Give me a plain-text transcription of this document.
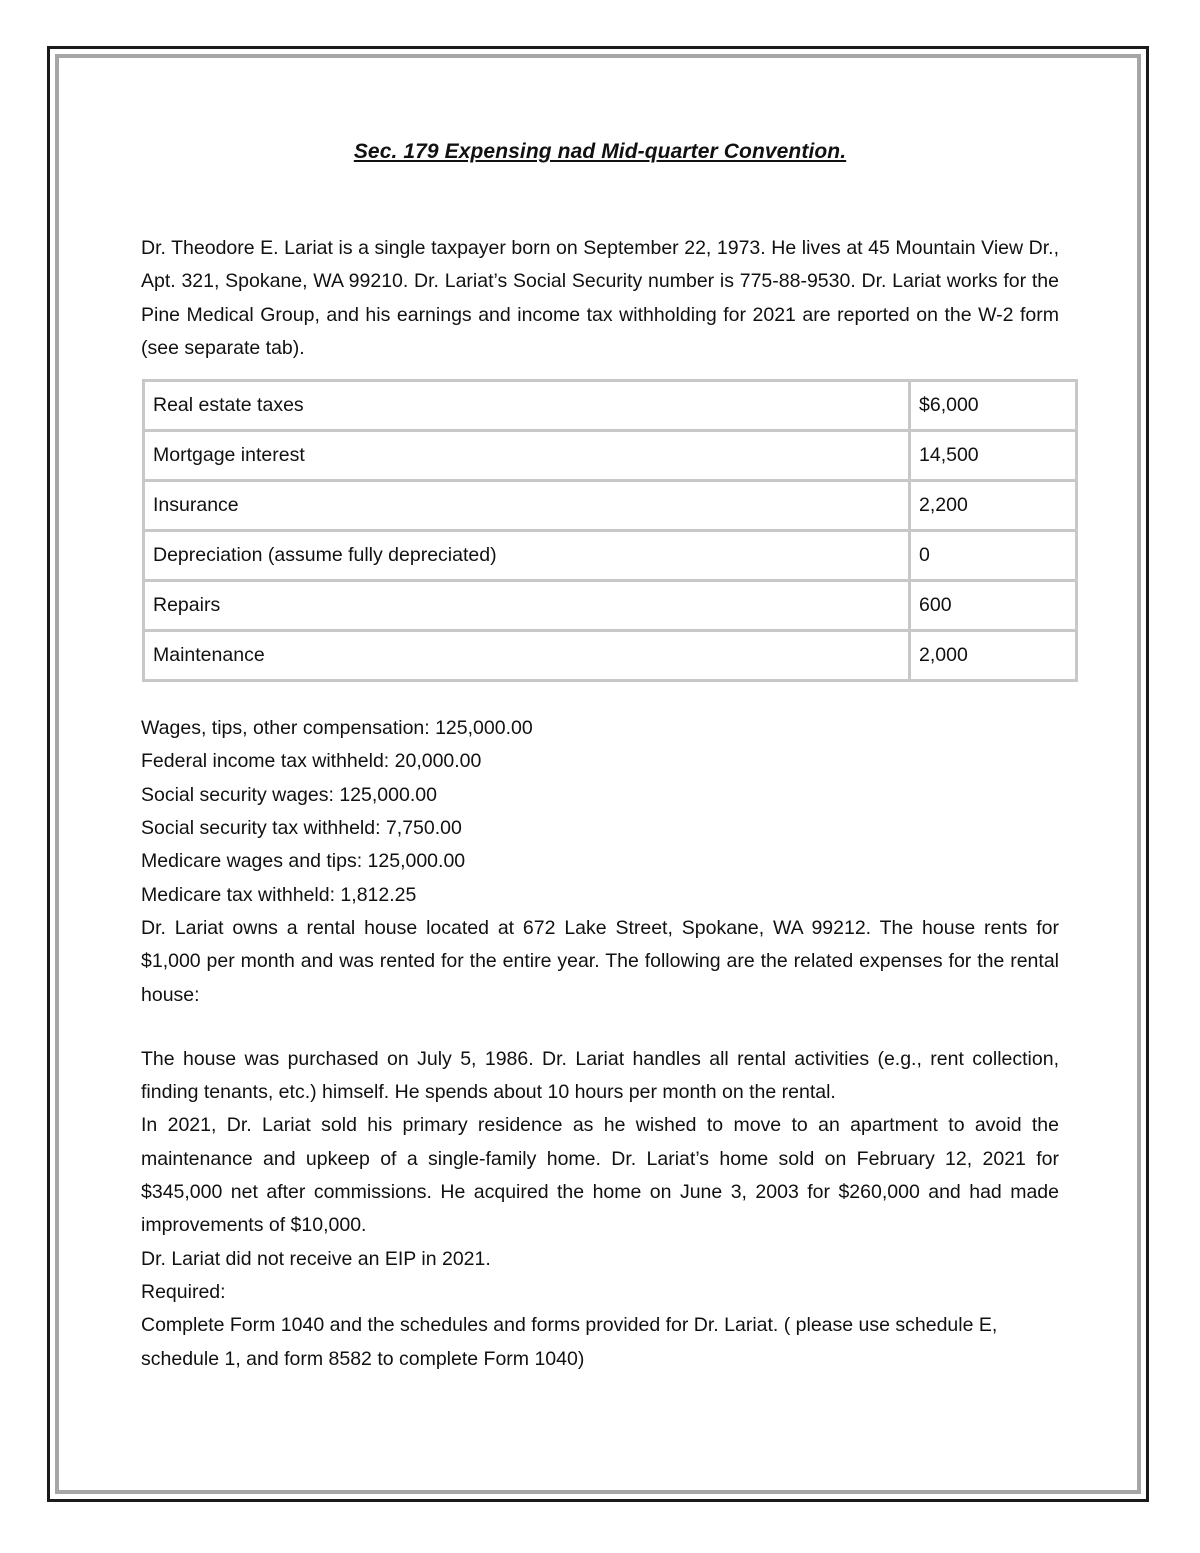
Sec. 179 Expensing nad Mid-quarter Convention.

Dr. Theodore E. Lariat is a single taxpayer born on September 22, 1973. He lives at 45 Mountain View Dr., Apt. 321, Spokane, WA 99210. Dr. Lariat’s Social Security number is 775-88-9530. Dr. Lariat works for the Pine Medical Group, and his earnings and income tax withholding for 2021 are reported on the W-2 form (see separate tab).

Real estate taxes	$6,000
Mortgage interest	14,500
Insurance	2,200
Depreciation (assume fully depreciated)	0
Repairs	600
Maintenance	2,000

Wages, tips, other compensation: 125,000.00

Federal income tax withheld: 20,000.00

Social security wages: 125,000.00

Social security tax withheld: 7,750.00

Medicare wages and tips: 125,000.00

Medicare tax withheld: 1,812.25

Dr. Lariat owns a rental house located at 672 Lake Street, Spokane, WA 99212. The house rents for $1,000 per month and was rented for the entire year. The following are the related expenses for the rental house:

The house was purchased on July 5, 1986. Dr. Lariat handles all rental activities (e.g., rent collection, finding tenants, etc.) himself. He spends about 10 hours per month on the rental.

In 2021, Dr. Lariat sold his primary residence as he wished to move to an apartment to avoid the maintenance and upkeep of a single-family home. Dr. Lariat’s home sold on February 12, 2021 for $345,000 net after commissions. He acquired the home on June 3, 2003 for $260,000 and had made improvements of $10,000.

Dr. Lariat did not receive an EIP in 2021.

Required:

Complete Form 1040 and the schedules and forms provided for Dr. Lariat. ( please use schedule E, schedule 1, and form 8582 to complete Form 1040)
